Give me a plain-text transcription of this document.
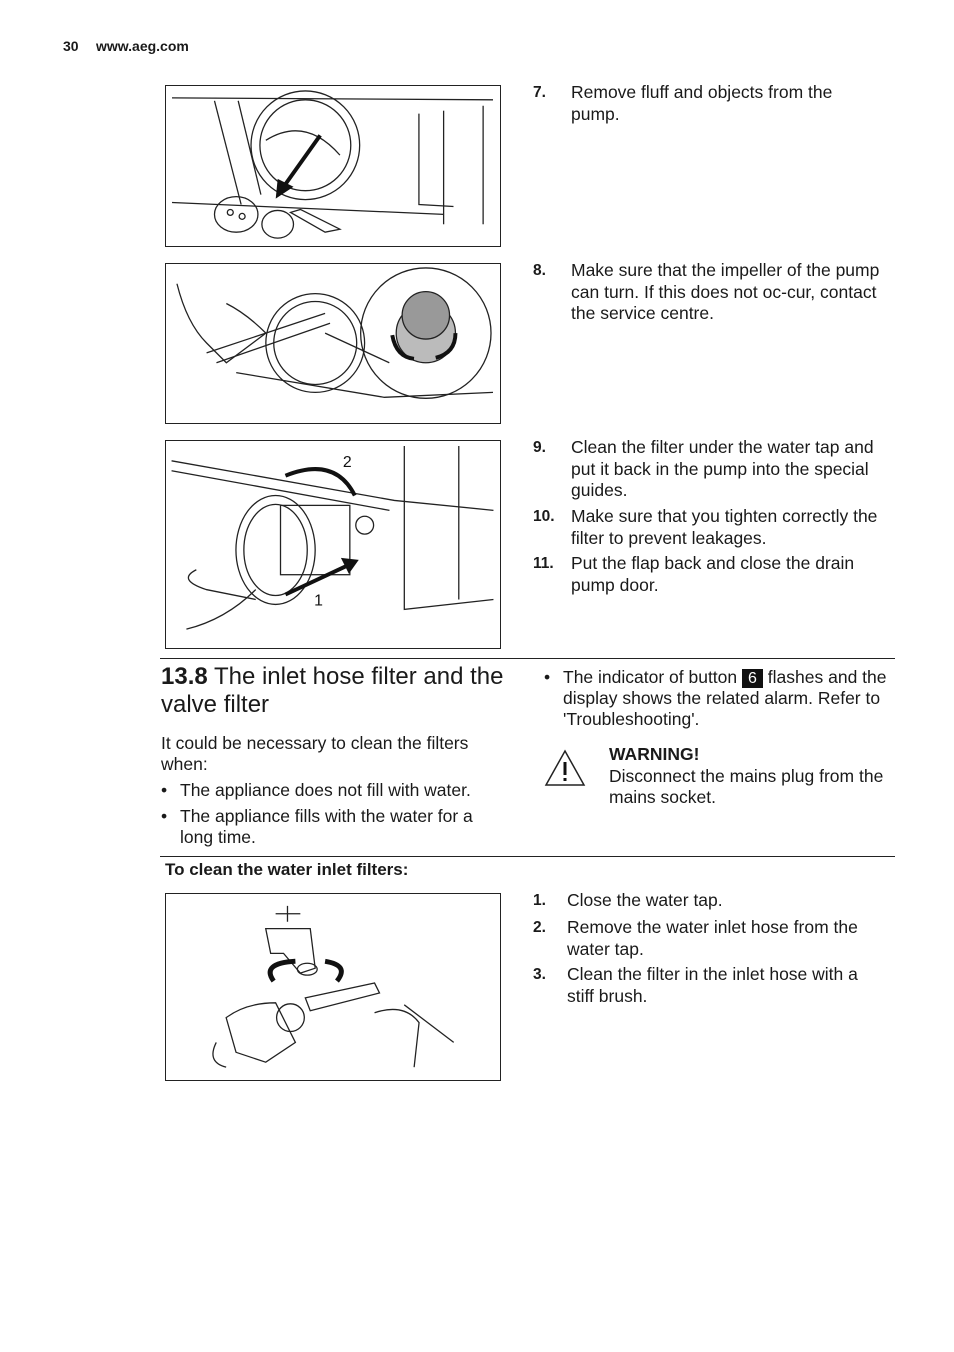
30 www.aeg.com
2
1
7. Remove fluff and objects from the pump.
8. Make sure that the impeller of the pump can turn. If this does not oc-cur, contact the service centre.
9. Clean the filter under the water tap and put it back in the pump into the special guides.
10. Make sure that you tighten correctly the filter to prevent leakages.
11. Put the flap back and close the drain pump door.
13.8 The inlet hose filter and the valve filter
It could be necessary to clean the filters when:
• The appliance does not fill with water.
• The appliance fills with the water for a long time.
• The indicator of button 6 flashes and the display shows the related alarm. Refer to 'Troubleshooting'.
WARNING!
Disconnect the mains plug from the mains socket.
To clean the water inlet filters:
1. Close the water tap.
2. Remove the water inlet hose from the water tap.
3. Clean the filter in the inlet hose with a stiff brush.
